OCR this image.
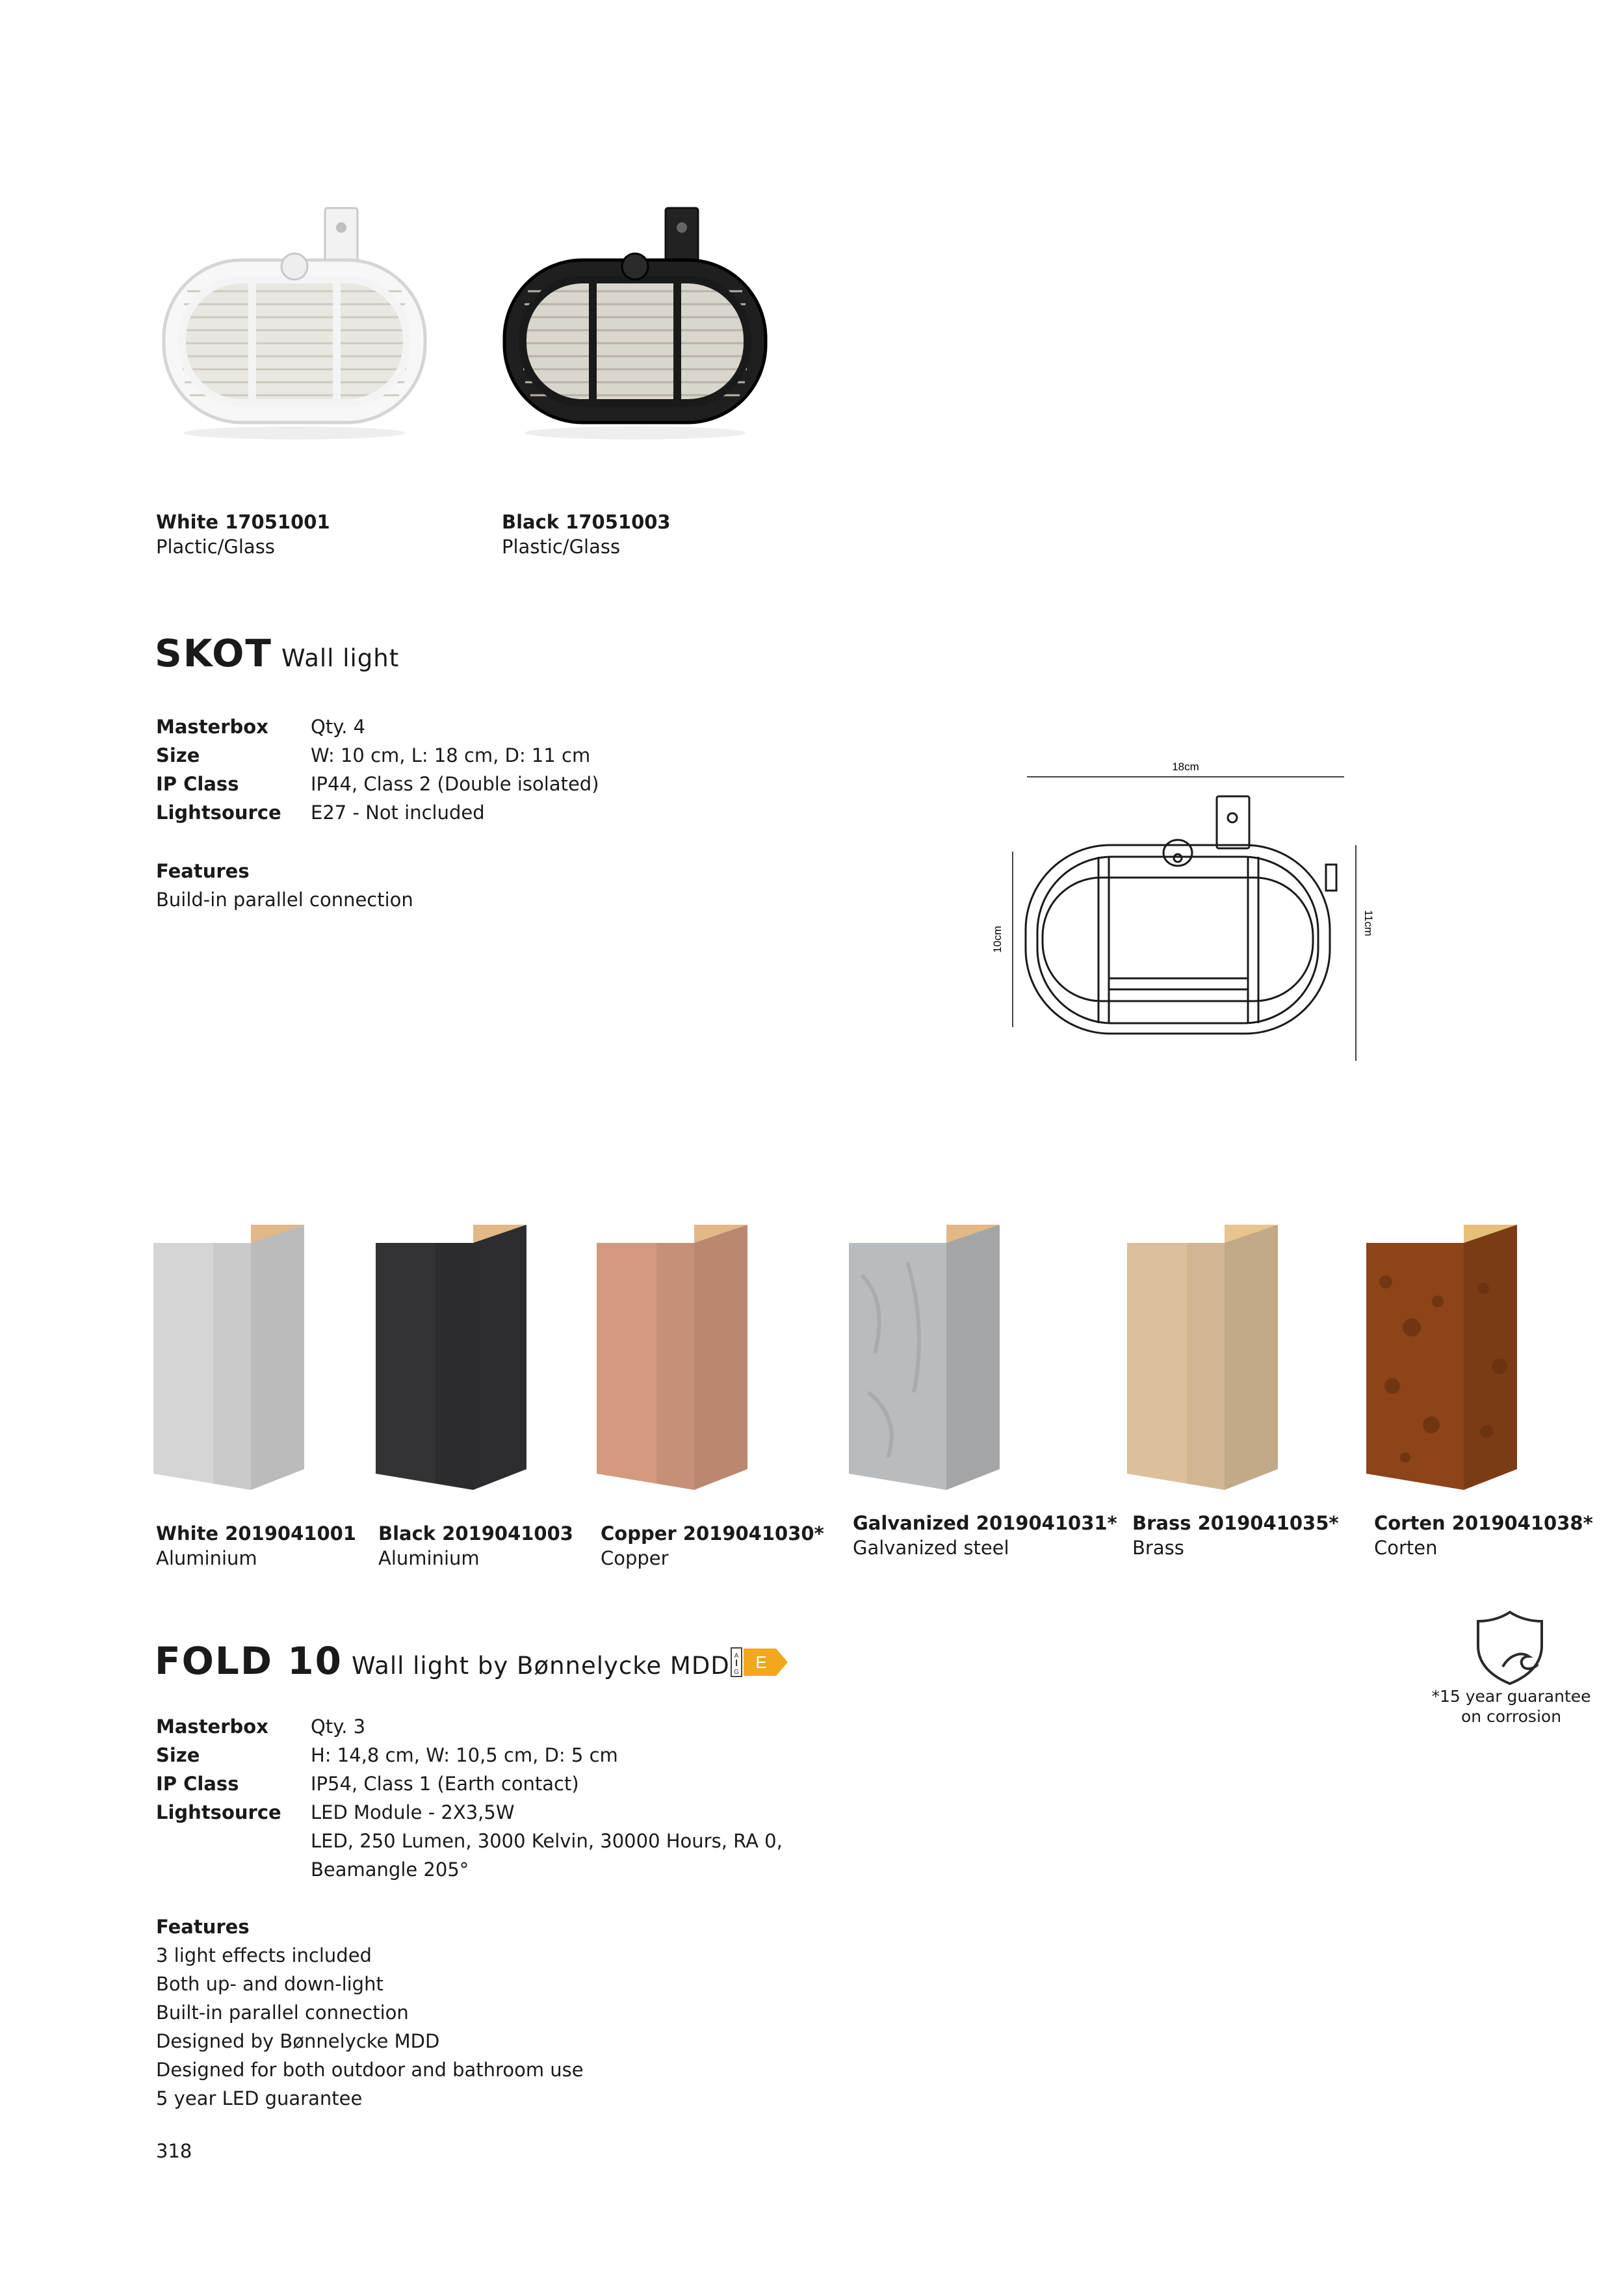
White 17051001
Plactic/Glass
Black 17051003
Plastic/Glass
SKOT Wall light
Masterbox Qty. 4
Size	W: 10 cm, L: 18 cm, D: 11 cm
IP Class	IP44, Class 2 (Double isolated)
Lightsource E27 - Not included
Features
Build-in parallel connection
18cm
10cm
11cm
White 2019041001
Aluminium
Black 2019041003
Aluminium
Copper 2019041030*
Copper
Galvanized 2019041031*
Galvanized steel
Brass 2019041035*
Brass
Corten 2019041038*
Corten
FOLD 10 Wall light by Bønnelycke MDD A
G
E
*15 year guarantee
on corrosion
Masterbox Qty. 3
Size	H: 14,8 cm, W: 10,5 cm, D: 5 cm
IP Class	IP54, Class 1 (Earth contact)
Lightsource LED Module - 2X3,5W
LED, 250 Lumen, 3000 Kelvin, 30000 Hours, RA 0,
Beamangle 205°
Features
3 light effects included
Both up- and down-light
Built-in parallel connection
Designed by Bønnelycke MDD
Designed for both outdoor and bathroom use
5 year LED guarantee
318
